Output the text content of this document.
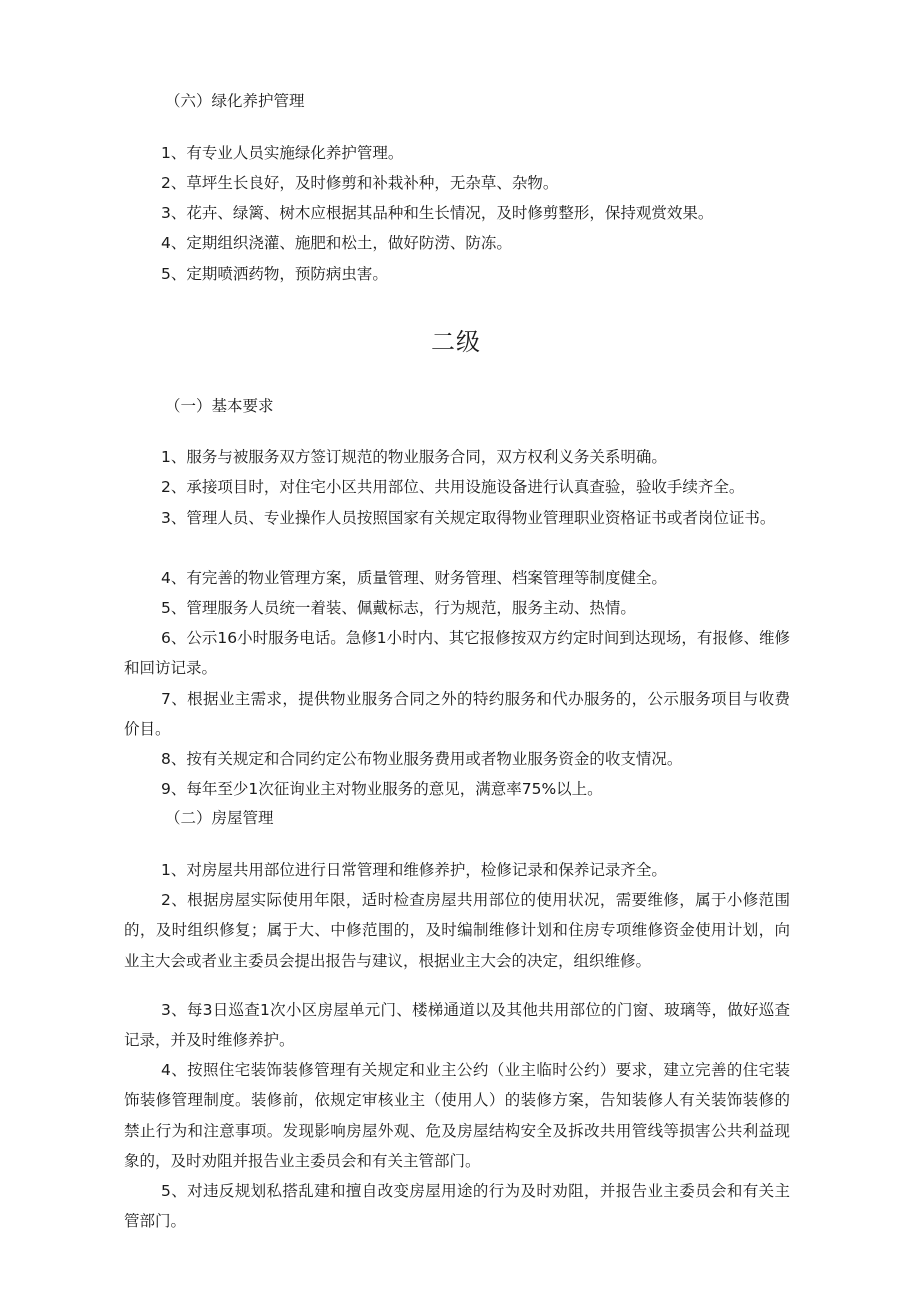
（六）绿化养护管理
1、有专业人员实施绿化养护管理。
2、草坪生长良好，及时修剪和补栽补种，无杂草、杂物。
3、花卉、绿篱、树木应根据其品种和生长情况，及时修剪整形，保持观赏效果。
4、定期组织浇灌、施肥和松土，做好防涝、防冻。
5、定期喷洒药物，预防病虫害。
二级
（一）基本要求
1、服务与被服务双方签订规范的物业服务合同，双方权利义务关系明确。
2、承接项目时，对住宅小区共用部位、共用设施设备进行认真查验，验收手续齐全。
3、管理人员、专业操作人员按照国家有关规定取得物业管理职业资格证书或者岗位证书。
4、有完善的物业管理方案，质量管理、财务管理、档案管理等制度健全。
5、管理服务人员统一着装、佩戴标志，行为规范，服务主动、热情。
6、公示16小时服务电话。急修1小时内、其它报修按双方约定时间到达现场，有报修、维修和回访记录。
7、根据业主需求，提供物业服务合同之外的特约服务和代办服务的，公示服务项目与收费价目。
8、按有关规定和合同约定公布物业服务费用或者物业服务资金的收支情况。
9、每年至少1次征询业主对物业服务的意见，满意率75%以上。
（二）房屋管理
1、对房屋共用部位进行日常管理和维修养护，检修记录和保养记录齐全。
2、根据房屋实际使用年限，适时检查房屋共用部位的使用状况，需要维修，属于小修范围的，及时组织修复；属于大、中修范围的，及时编制维修计划和住房专项维修资金使用计划，向业主大会或者业主委员会提出报告与建议，根据业主大会的决定，组织维修。
3、每3日巡查1次小区房屋单元门、楼梯通道以及其他共用部位的门窗、玻璃等，做好巡查记录，并及时维修养护。
4、按照住宅装饰装修管理有关规定和业主公约（业主临时公约）要求，建立完善的住宅装饰装修管理制度。装修前，依规定审核业主（使用人）的装修方案，告知装修人有关装饰装修的禁止行为和注意事项。发现影响房屋外观、危及房屋结构安全及拆改共用管线等损害公共利益现象的，及时劝阻并报告业主委员会和有关主管部门。
5、对违反规划私搭乱建和擅自改变房屋用途的行为及时劝阻，并报告业主委员会和有关主管部门。
